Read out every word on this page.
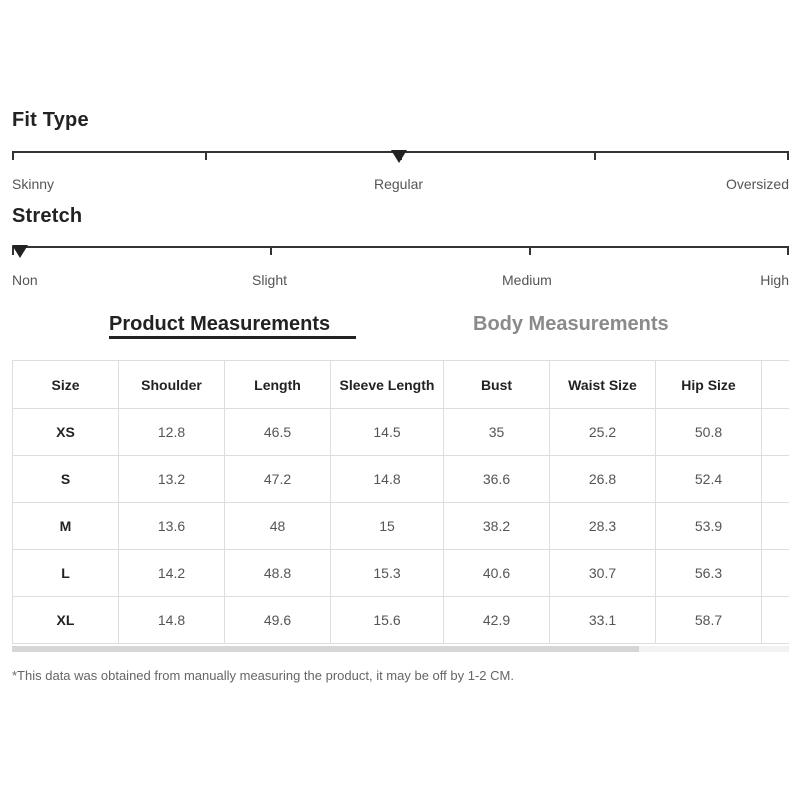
Fit Type
Skinny	Regular	Oversized
Stretch
Non	Slight	Medium	High
Product Measurements	Body Measurements
Size	Shoulder	Length	Sleeve Length	Bust	Waist Size	Hip Size	
XS	12.8	46.5	14.5	35	25.2	50.8	
S	13.2	47.2	14.8	36.6	26.8	52.4	
M	13.6	48	15	38.2	28.3	53.9	
L	14.2	48.8	15.3	40.6	30.7	56.3	
XL	14.8	49.6	15.6	42.9	33.1	58.7	
*This data was obtained from manually measuring the product, it may be off by 1-2 CM.
